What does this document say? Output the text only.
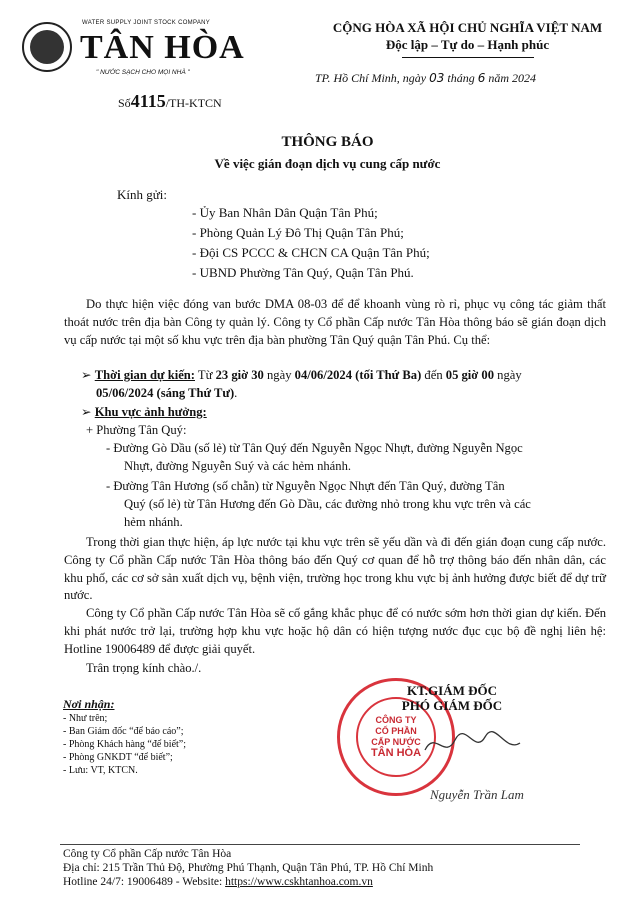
WATER SUPPLY JOINT STOCK COMPANY
TÂN HÒA
" NƯỚC SẠCH CHO MỌI NHÀ "
Số4115/TH-KTCN
CỘNG HÒA XÃ HỘI CHỦ NGHĨA VIỆT NAM
Độc lập – Tự do – Hạnh phúc
TP. Hồ Chí Minh, ngày 03 tháng 6 năm 2024
THÔNG BÁO
Về việc gián đoạn dịch vụ cung cấp nước
Kính gửi:
- Ủy Ban Nhân Dân Quận Tân Phú;
- Phòng Quản Lý Đô Thị Quận Tân Phú;
- Đội CS PCCC & CHCN CA Quận Tân Phú;
- UBND Phường Tân Quý, Quận Tân Phú.

Do thực hiện việc đóng van bước DMA 08-03 để để khoanh vùng rò rỉ, phục vụ công tác giảm thất thoát nước trên địa bàn Công ty quản lý. Công ty Cổ phần Cấp nước Tân Hòa thông báo sẽ gián đoạn dịch vụ cấp nước tại một số khu vực trên địa bàn phường Tân Quý quận Tân Phú. Cụ thể:

➢ Thời gian dự kiến: Từ 23 giờ 30 ngày 04/06/2024 (tối Thứ Ba) đến 05 giờ 00 ngày
05/06/2024 (sáng Thứ Tư).
➢ Khu vực ảnh hưởng:
+ Phường Tân Quý:
- Đường Gò Dầu (số lẻ) từ Tân Quý đến Nguyễn Ngọc Nhựt, đường Nguyễn Ngọc
Nhựt, đường Nguyễn Suý và các hẻm nhánh.
- Đường Tân Hương (số chẵn) từ Nguyễn Ngọc Nhựt đến Tân Quý, đường Tân
Quý (số lẻ) từ Tân Hương đến Gò Dầu, các đường nhỏ trong khu vực trên và các
hẻm nhánh.

Trong thời gian thực hiện, áp lực nước tại khu vực trên sẽ yếu dần và đi đến gián đoạn cung cấp nước. Công ty Cổ phần Cấp nước Tân Hòa thông báo đến Quý cơ quan để hỗ trợ thông báo đến nhân dân, các khu phố, các cơ sở sản xuất dịch vụ, bệnh viện, trường học trong khu vực bị ảnh hưởng được biết để dự trữ nước.

Công ty Cổ phần Cấp nước Tân Hòa sẽ cố gắng khắc phục để có nước sớm hơn thời gian dự kiến. Đến khi phát nước trở lại, trường hợp khu vực hoặc hộ dân có hiện tượng nước đục cục bộ đề nghị liên hệ: Hotline 19006489 để được giải quyết.

Trân trọng kính chào./.

Nơi nhận:
- Như trên;
- Ban Giám đốc “để báo cáo”;
- Phòng Khách hàng “để biết”;
- Phòng GNKDT “để biết”;
- Lưu: VT, KTCN.
CÔNG TY
CỔ PHẦN
CẤP NƯỚC
TÂN HÒA
KT.GIÁM ĐỐC
PHÓ GIÁM ĐỐC
Nguyễn Trần Lam
Công ty Cổ phần Cấp nước Tân Hòa
Địa chỉ: 215 Trần Thủ Độ, Phường Phú Thạnh, Quận Tân Phú, TP. Hồ Chí Minh
Hotline 24/7: 19006489 - Website: https://www.cskhtanhoa.com.vn
